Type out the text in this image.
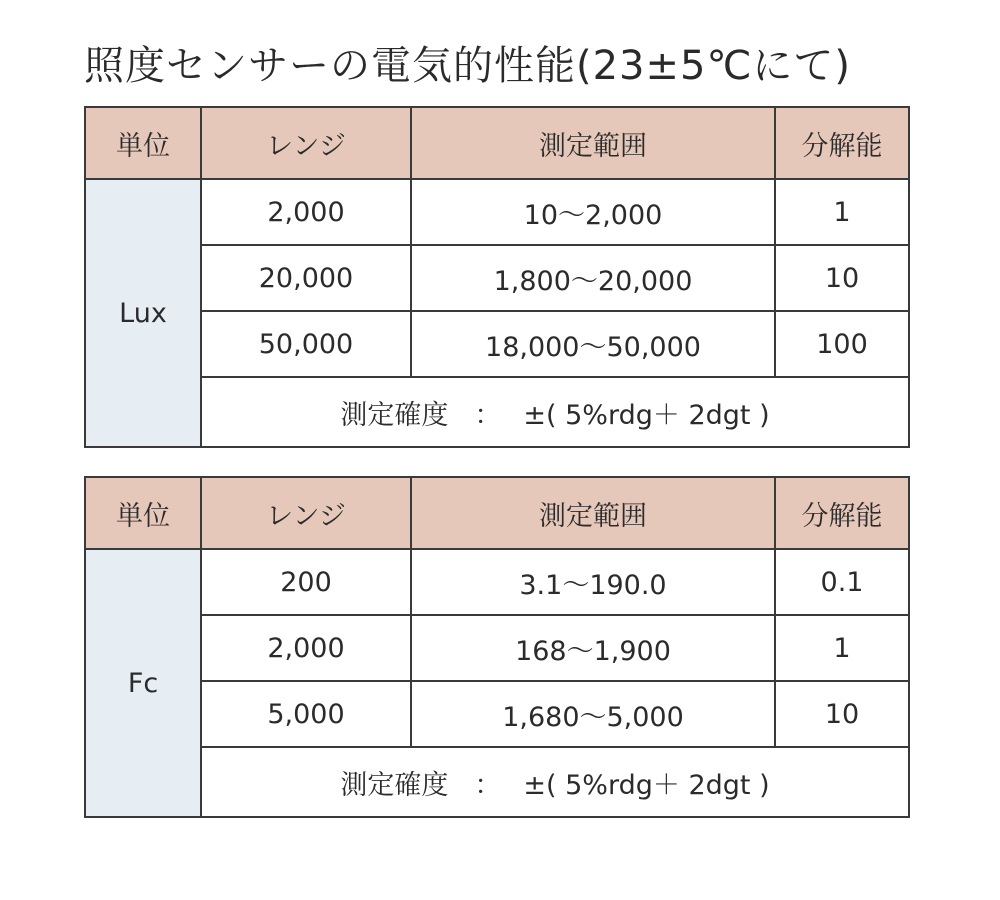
照度センサーの電気的性能(23±5℃にて)
単位	レンジ	測定範囲	分解能
Lux	2,000	10～2,000	1
	20,000	1,800～20,000	10
	50,000	18,000～50,000	100
	測定確度 ： ±( 5%rdg＋ 2dgt )		
単位	レンジ	測定範囲	分解能
Fc	200	3.1～190.0	0.1
	2,000	168～1,900	1
	5,000	1,680～5,000	10
	測定確度 ： ±( 5%rdg＋ 2dgt )		
